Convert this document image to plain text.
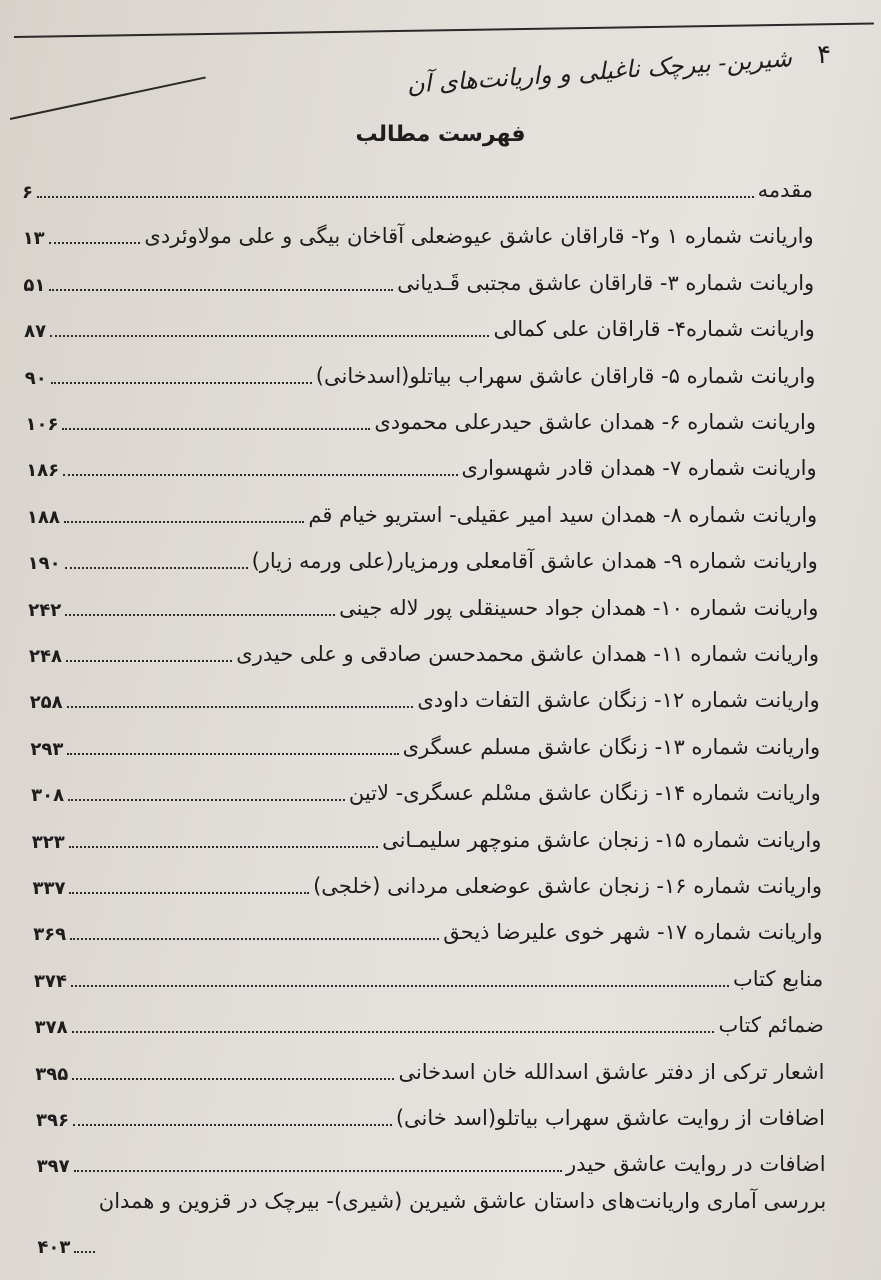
۴
شیرین- بیرچک ناغیلی و واریانت‌های آن
فهرست مطالب
مقدمه
۶
واریانت شماره ۱ و۲- قاراقان عاشق عیوضعلی آقاخان بیگی و علی مولاوئردی
۱۳
واریانت شماره ۳- قاراقان عاشق مجتبی قَـدیانی
۵۱
واریانت شماره۴- قاراقان علی کمالی
۸۷
واریانت شماره ۵- قاراقان عاشق سهراب بیاتلو(اسدخانی)
۹۰
واریانت شماره ۶- همدان عاشق حیدرعلی محمودی
۱۰۶
واریانت شماره ۷- همدان قادر شهسواری
۱۸۶
واریانت شماره ۸- همدان سید امیر عقیلی- استریو خیام قم
۱۸۸
واریانت شماره ۹- همدان عاشق آقامعلی ورمزیار(علی ورمه زیار)
۱۹۰
واریانت شماره ۱۰- همدان جواد حسینقلی پور لاله جینی
۲۴۲
واریانت شماره ۱۱- همدان عاشق محمدحسن صادقی و علی حیدری
۲۴۸
واریانت شماره ۱۲- زنگان عاشق التفات داودی
۲۵۸
واریانت شماره ۱۳- زنگان عاشق مسلم عسگری
۲۹۳
واریانت شماره ۱۴- زنگان عاشق مسْلم عسگری- لاتین
۳۰۸
واریانت شماره ۱۵- زنجان عاشق منوچهر سلیمـانی
۳۲۳
واریانت شماره ۱۶- زنجان عاشق عوضعلی مردانی (خلجی)
۳۳۷
واریانت شماره ۱۷- شهر خوی علیرضا ذیحق
۳۶۹
منابع کتاب
۳۷۴
ضمائم کتاب
۳۷۸
اشعار ترکی از دفتر عاشق اسدالله خان اسدخانی
۳۹۵
اضافات از روایت عاشق سهراب بیاتلو(اسد خانی)
۳۹۶
اضافات در روایت عاشق حیدر
۳۹۷
بررسی آماری واریانت‌های داستان عاشق شیرین (شیری)- بیرچک در قزوین و همدان
۴۰۳
